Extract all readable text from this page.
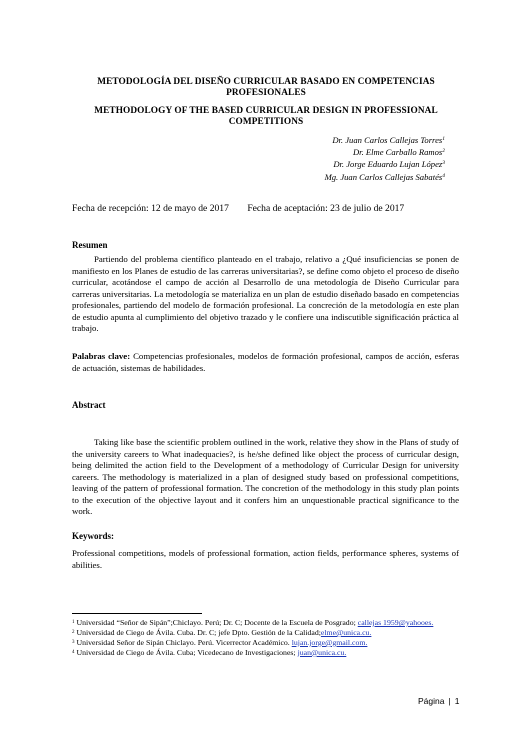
METODOLOGÍA DEL DISEÑO CURRICULAR BASADO EN COMPETENCIAS PROFESIONALES
METHODOLOGY OF THE BASED CURRICULAR DESIGN IN PROFESSIONAL COMPETITIONS
Dr. Juan Carlos Callejas Torres$^1$
Dr. Elme Carballo Ramos$^2$
Dr. Jorge Eduardo Lujan López$^3$
Mg. Juan Carlos Callejas Sabatés$^4$
Fecha de recepción: 12 de mayo de 2017 Fecha de aceptación: 23 de julio de 2017
Resumen
Partiendo del problema científico planteado en el trabajo, relativo a ¿Qué insuficiencias se ponen de manifiesto en los Planes de estudio de las carreras universitarias?, se define como objeto el proceso de diseño curricular, acotándose el campo de acción al Desarrollo de una metodología de Diseño Curricular para carreras universitarias. La metodología se materializa en un plan de estudio diseñado basado en competencias profesionales, partiendo del modelo de formación profesional. La concreción de la metodología en este plan de estudio apunta al cumplimiento del objetivo trazado y le confiere una indiscutible significación práctica al trabajo.
Palabras clave: Competencias profesionales, modelos de formación profesional, campos de acción, esferas de actuación, sistemas de habilidades.
Abstract
Taking like base the scientific problem outlined in the work, relative they show in the Plans of study of the university careers to What inadequacies?, is he/she defined like object the process of curricular design, being delimited the action field to the Development of a methodology of Curricular Design for university careers. The methodology is materialized in a plan of designed study based on professional competitions, leaving of the pattern of professional formation. The concretion of the methodology in this study plan points to the execution of the objective layout and it confers him an unquestionable practical significance to the work.
Keywords:
Professional competitions, models of professional formation, action fields, performance spheres, systems of abilities.
$^1$ Universidad “Señor de Sipán”;Chiclayo. Perú; Dr. C; Docente de la Escuela de Posgrado; callejas 1959@yahooes.
$^2$ Universidad de Ciego de Ávila. Cuba. Dr. C; jefe Dpto. Gestión de la Calidad;elme@unica.cu.
$^3$ Universidad Señor de Sipán Chiclayo. Perú. Vicerrector Académico. lujan.jorge@gmail.com.
$^4$ Universidad de Ciego de Ávila. Cuba; Vicedecano de Investigaciones; juan@unica.cu.
Página | 1
